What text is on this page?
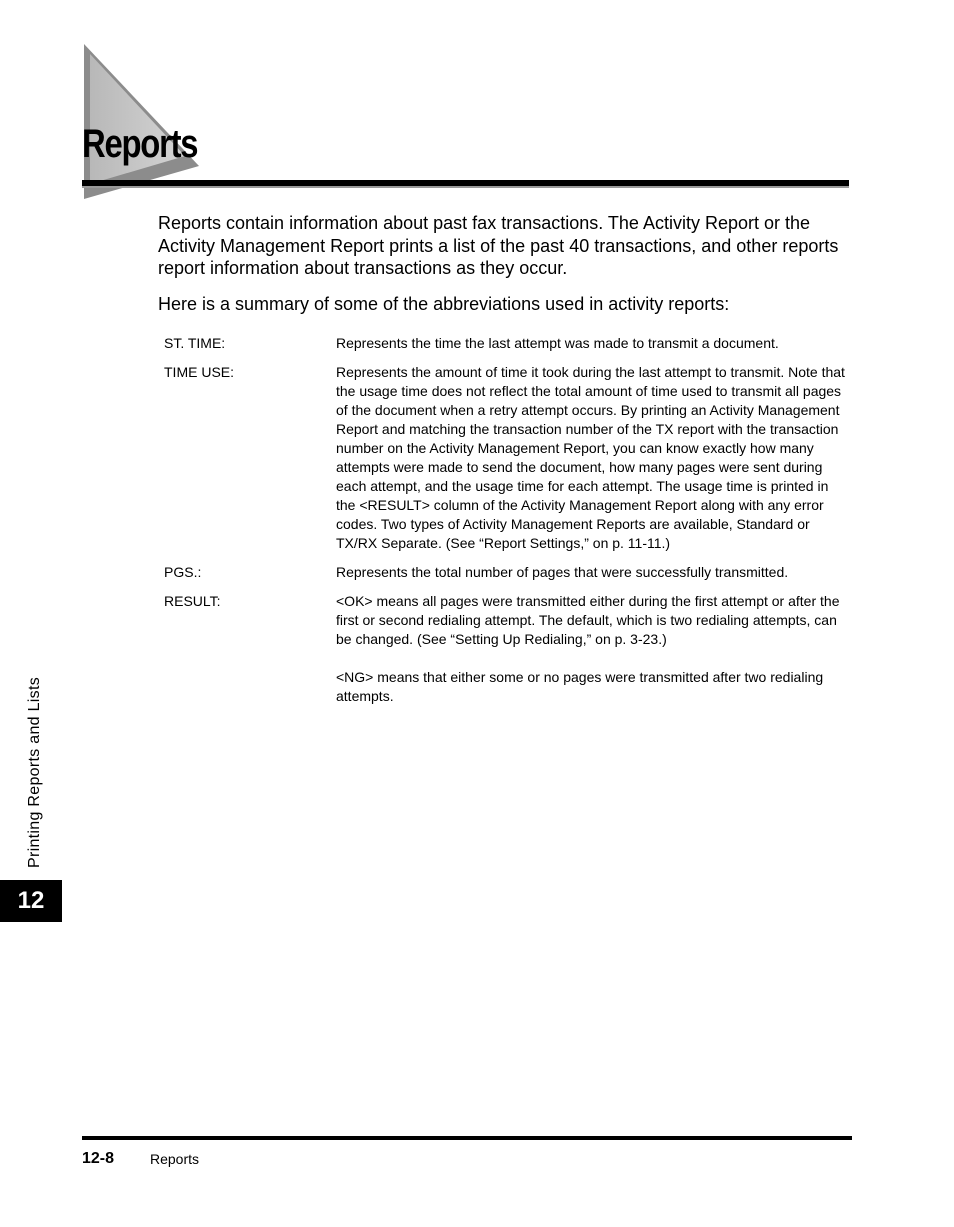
Reports

Reports contain information about past fax transactions. The Activity Report or the Activity Management Report prints a list of the past 40 transactions, and other reports report information about transactions as they occur.

Here is a summary of some of the abbreviations used in activity reports:

ST. TIME:	Represents the time the last attempt was made to transmit a document.

TIME USE:	Represents the amount of time it took during the last attempt to transmit. Note that the usage time does not reflect the total amount of time used to transmit all pages of the document when a retry attempt occurs. By printing an Activity Management Report and matching the transaction number of the TX report with the transaction number on the Activity Management Report, you can know exactly how many attempts were made to send the document, how many pages were sent during each attempt, and the usage time for each attempt. The usage time is printed in the <RESULT> column of the Activity Management Report along with any error codes. Two types of Activity Management Reports are available, Standard or TX/RX Separate. (See “Report Settings,” on p. 11-11.)

PGS.:	Represents the total number of pages that were successfully transmitted.

RESULT:	<OK> means all pages were transmitted either during the first attempt or after the first or second redialing attempt. The default, which is two redialing attempts, can be changed. (See “Setting Up Redialing,” on p. 3-23.)

<NG> means that either some or no pages were transmitted after two redialing attempts.

Printing Reports and Lists
12
12-8	Reports
